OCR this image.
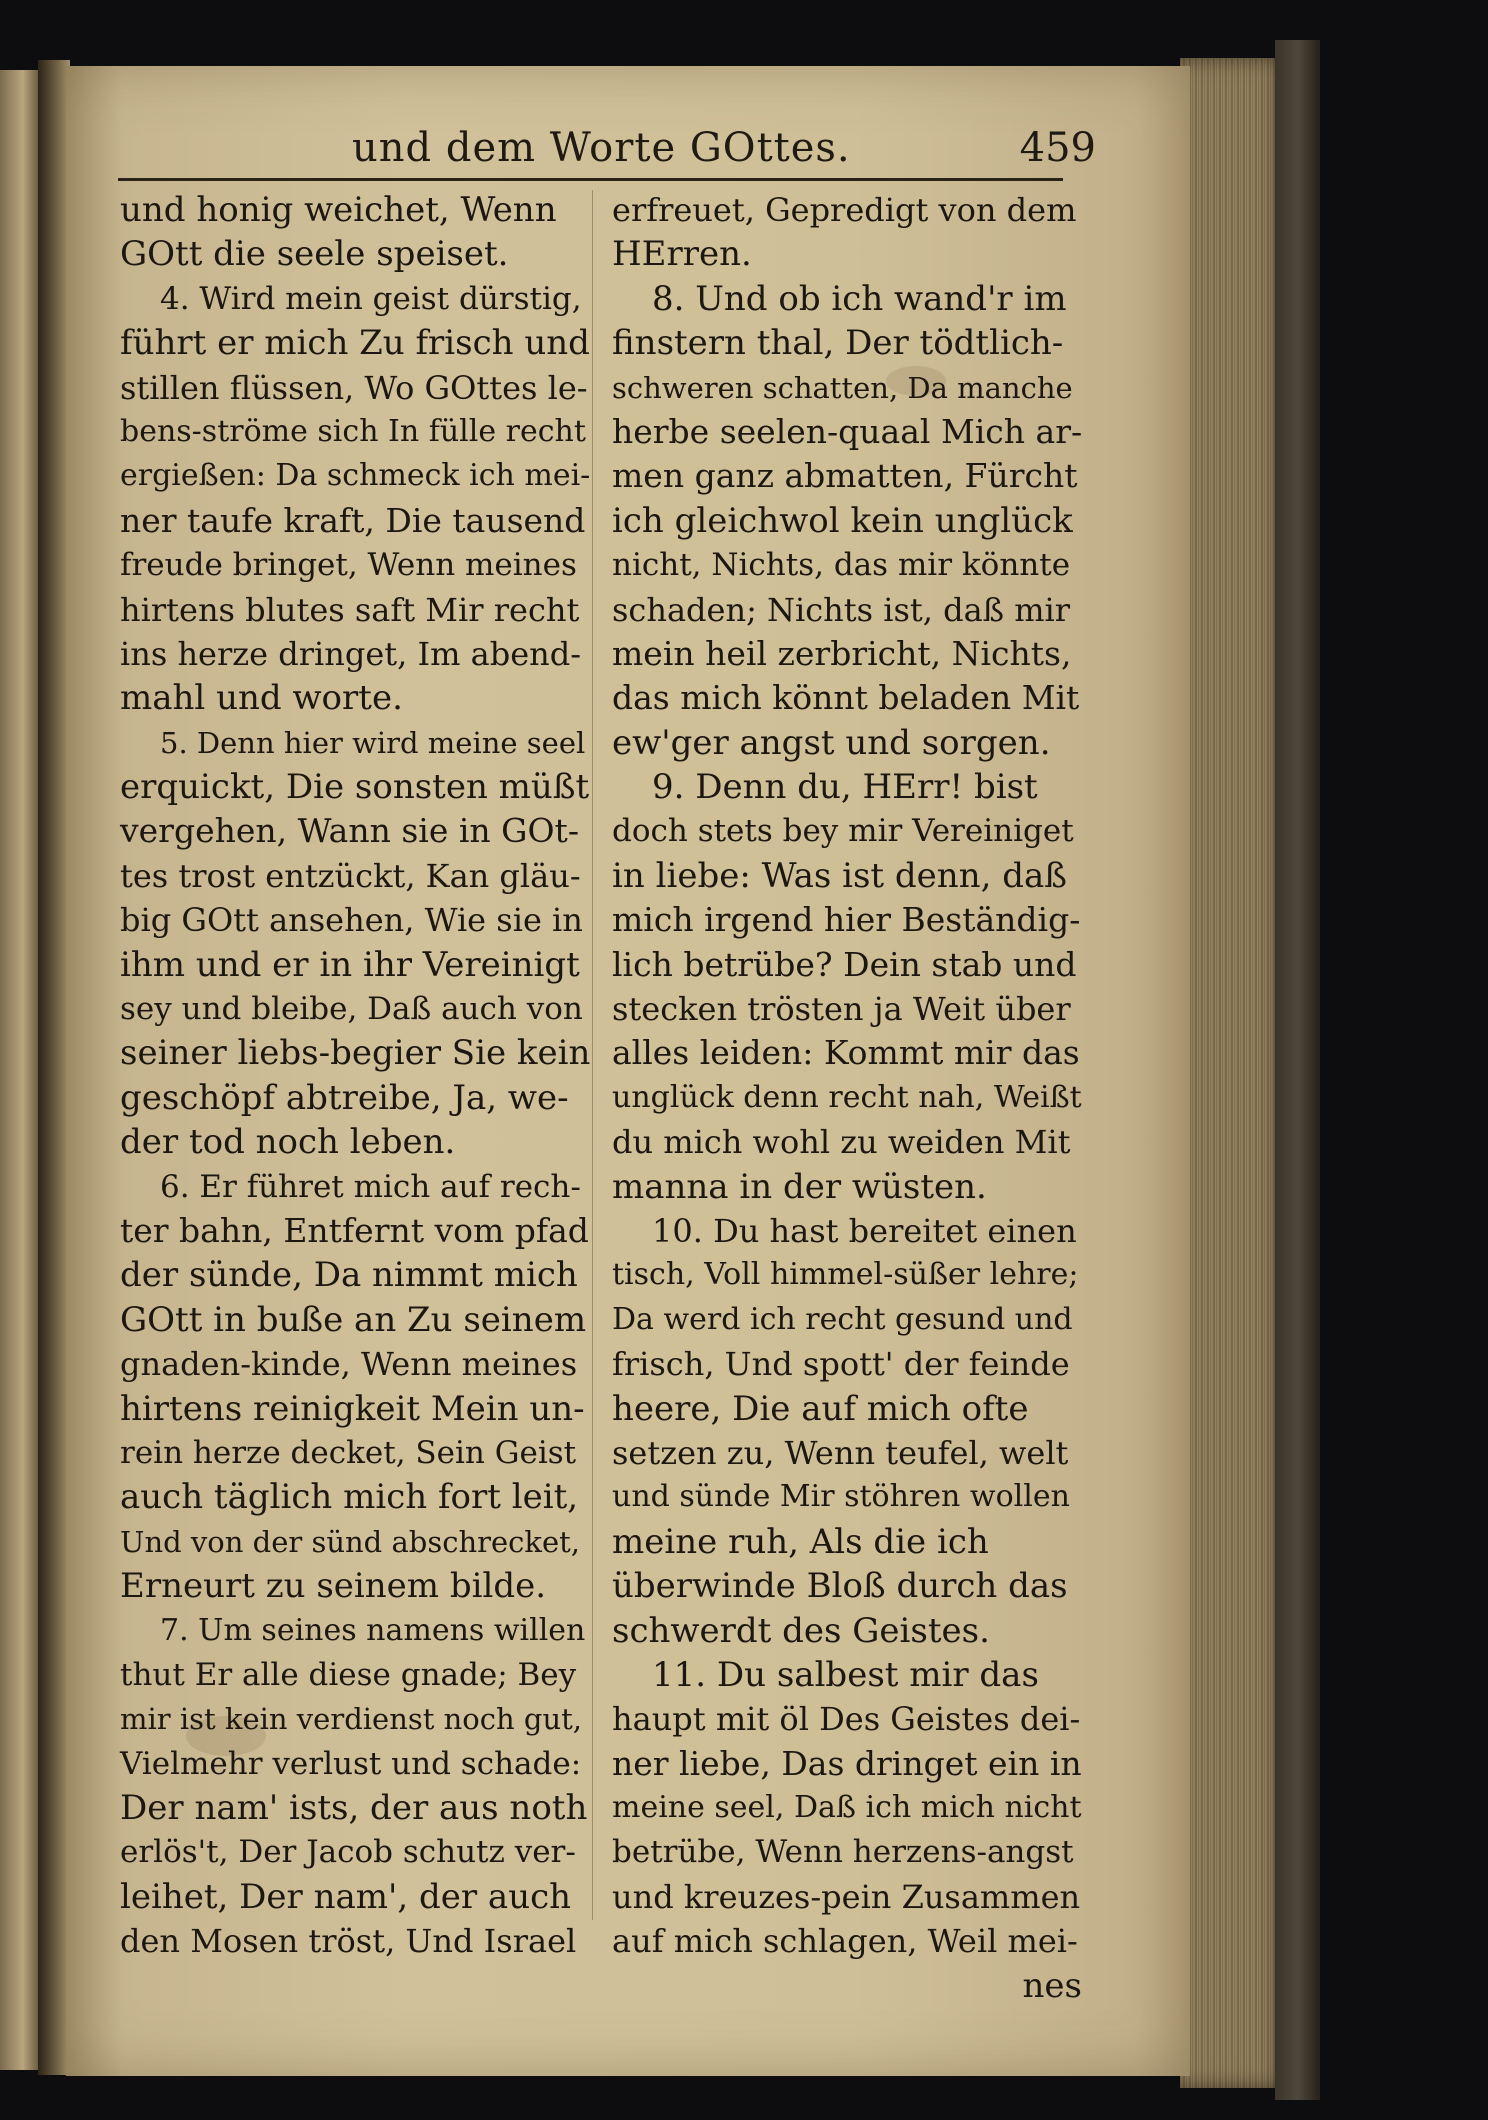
und dem Worte GOttes.	459
und honig weichet, Wenn
GOtt die seele speiset.
4. Wird mein geist dürstig,
führt er mich Zu frisch und
stillen flüssen, Wo GOttes le-
bens-ströme sich In fülle recht
ergießen: Da schmeck ich mei-
ner taufe kraft, Die tausend
freude bringet, Wenn meines
hirtens blutes saft Mir recht
ins herze dringet, Im abend-
mahl und worte.
5. Denn hier wird meine seel
erquickt, Die sonsten müßt
vergehen, Wann sie in GOt-
tes trost entzückt, Kan gläu-
big GOtt ansehen, Wie sie in
ihm und er in ihr Vereinigt
sey und bleibe, Daß auch von
seiner liebs-begier Sie kein
geschöpf abtreibe, Ja, we-
der tod noch leben.
6. Er führet mich auf rech-
ter bahn, Entfernt vom pfad
der sünde, Da nimmt mich
GOtt in buße an Zu seinem
gnaden-kinde, Wenn meines
hirtens reinigkeit Mein un-
rein herze decket, Sein Geist
auch täglich mich fort leit,
Und von der sünd abschrecket,
Erneurt zu seinem bilde.
7. Um seines namens willen
thut Er alle diese gnade; Bey
mir ist kein verdienst noch gut,
Vielmehr verlust und schade:
Der nam' ists, der aus noth
erlös't, Der Jacob schutz ver-
leihet, Der nam', der auch
den Mosen tröst, Und Israel
erfreuet, Gepredigt von dem
HErren.
8. Und ob ich wand'r im
finstern thal, Der tödtlich-
schweren schatten, Da manche
herbe seelen-quaal Mich ar-
men ganz abmatten, Fürcht
ich gleichwol kein unglück
nicht, Nichts, das mir könnte
schaden; Nichts ist, daß mir
mein heil zerbricht, Nichts,
das mich könnt beladen Mit
ew'ger angst und sorgen.
9. Denn du, HErr! bist
doch stets bey mir Vereiniget
in liebe: Was ist denn, daß
mich irgend hier Beständig-
lich betrübe? Dein stab und
stecken trösten ja Weit über
alles leiden: Kommt mir das
unglück denn recht nah, Weißt
du mich wohl zu weiden Mit
manna in der wüsten.
10. Du hast bereitet einen
tisch, Voll himmel-süßer lehre;
Da werd ich recht gesund und
frisch, Und spott' der feinde
heere, Die auf mich ofte
setzen zu, Wenn teufel, welt
und sünde Mir stöhren wollen
meine ruh, Als die ich
überwinde Bloß durch das
schwerdt des Geistes.
11. Du salbest mir das
haupt mit öl Des Geistes dei-
ner liebe, Das dringet ein in
meine seel, Daß ich mich nicht
betrübe, Wenn herzens-angst
und kreuzes-pein Zusammen
auf mich schlagen, Weil mei-
nes
